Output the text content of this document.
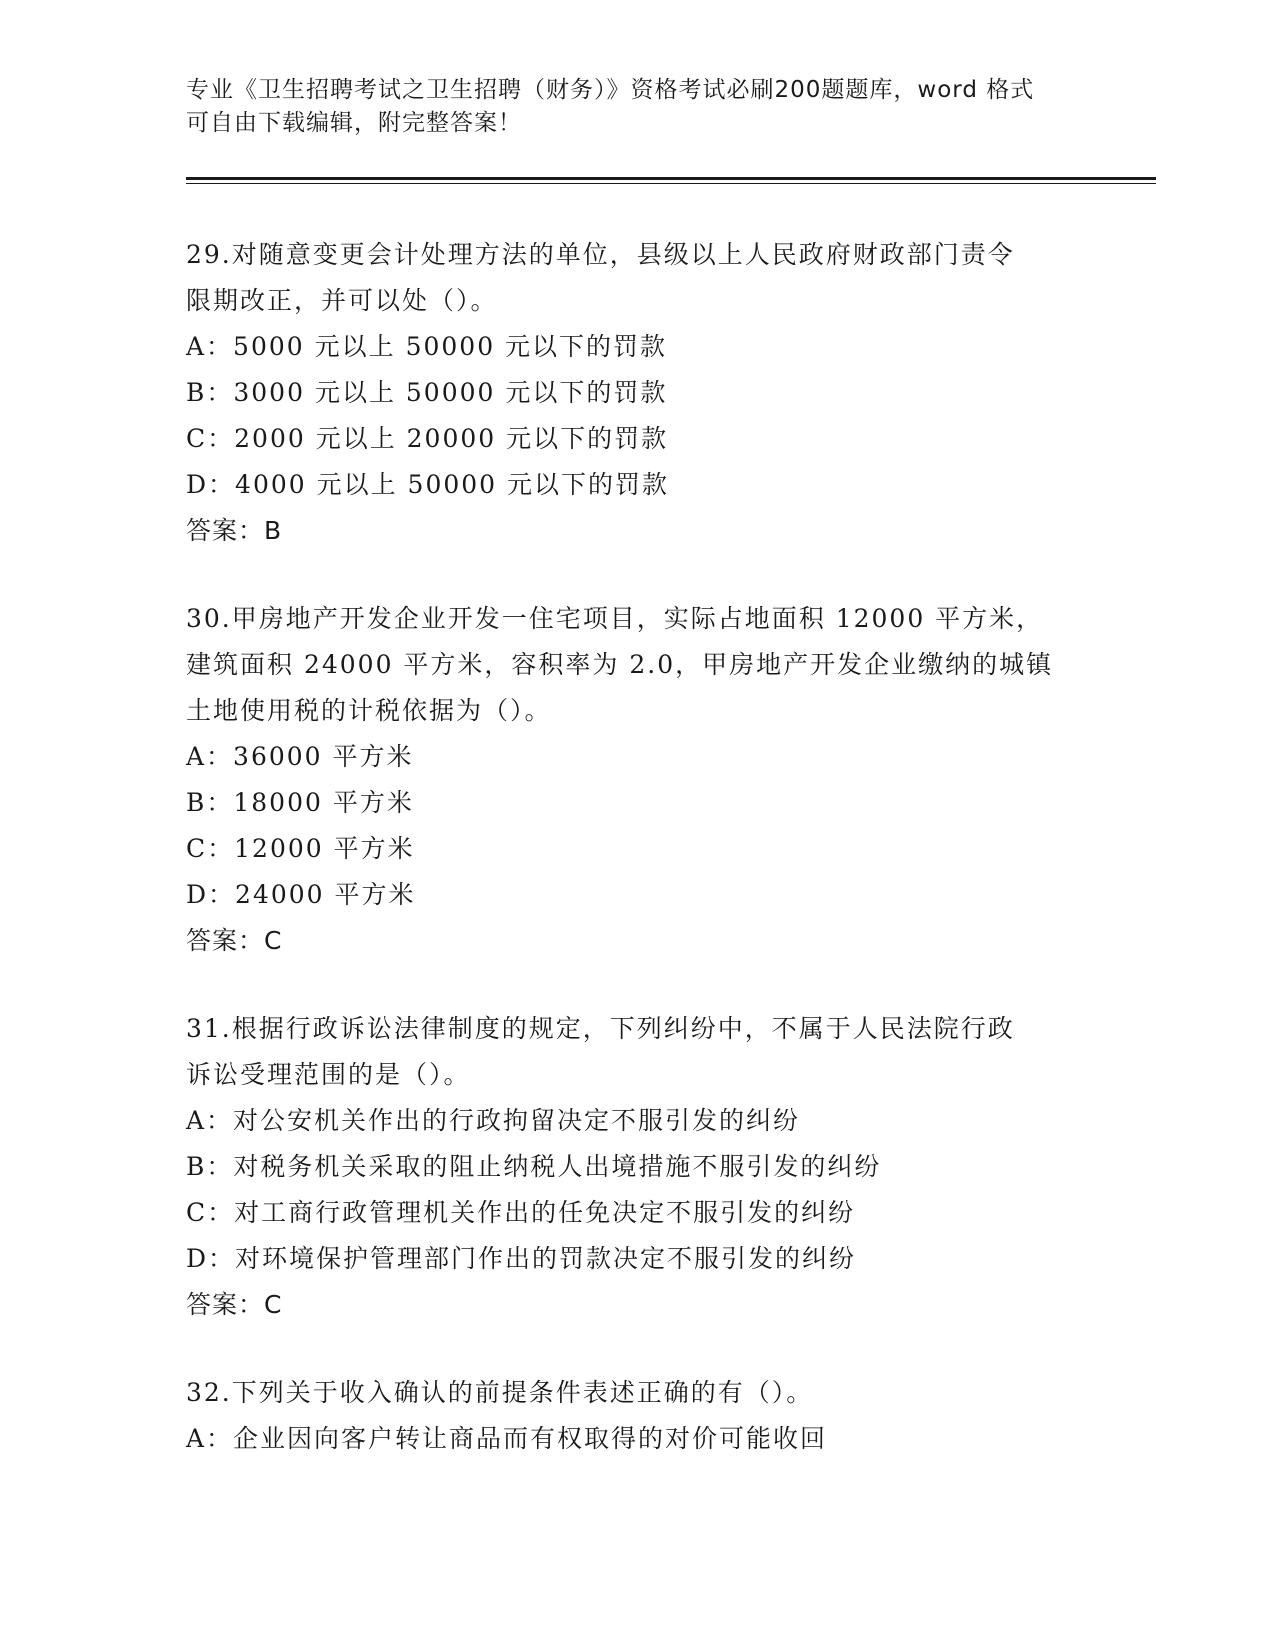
专业《卫生招聘考试之卫生招聘（财务）》资格考试必刷200题题库，word 格式
可自由下载编辑，附完整答案！
29.对随意变更会计处理方法的单位，县级以上人民政府财政部门责令
限期改正，并可以处（）。
A：5000 元以上 50000 元以下的罚款
B：3000 元以上 50000 元以下的罚款
C：2000 元以上 20000 元以下的罚款
D：4000 元以上 50000 元以下的罚款
答案：B
30.甲房地产开发企业开发一住宅项目，实际占地面积 12000 平方米，
建筑面积 24000 平方米，容积率为 2.0，甲房地产开发企业缴纳的城镇
土地使用税的计税依据为（）。
A：36000 平方米
B：18000 平方米
C：12000 平方米
D：24000 平方米
答案：C
31.根据行政诉讼法律制度的规定，下列纠纷中，不属于人民法院行政
诉讼受理范围的是（）。
A：对公安机关作出的行政拘留决定不服引发的纠纷
B：对税务机关采取的阻止纳税人出境措施不服引发的纠纷
C：对工商行政管理机关作出的任免决定不服引发的纠纷
D：对环境保护管理部门作出的罚款决定不服引发的纠纷
答案：C
32.下列关于收入确认的前提条件表述正确的有（）。
A：企业因向客户转让商品而有权取得的对价可能收回
